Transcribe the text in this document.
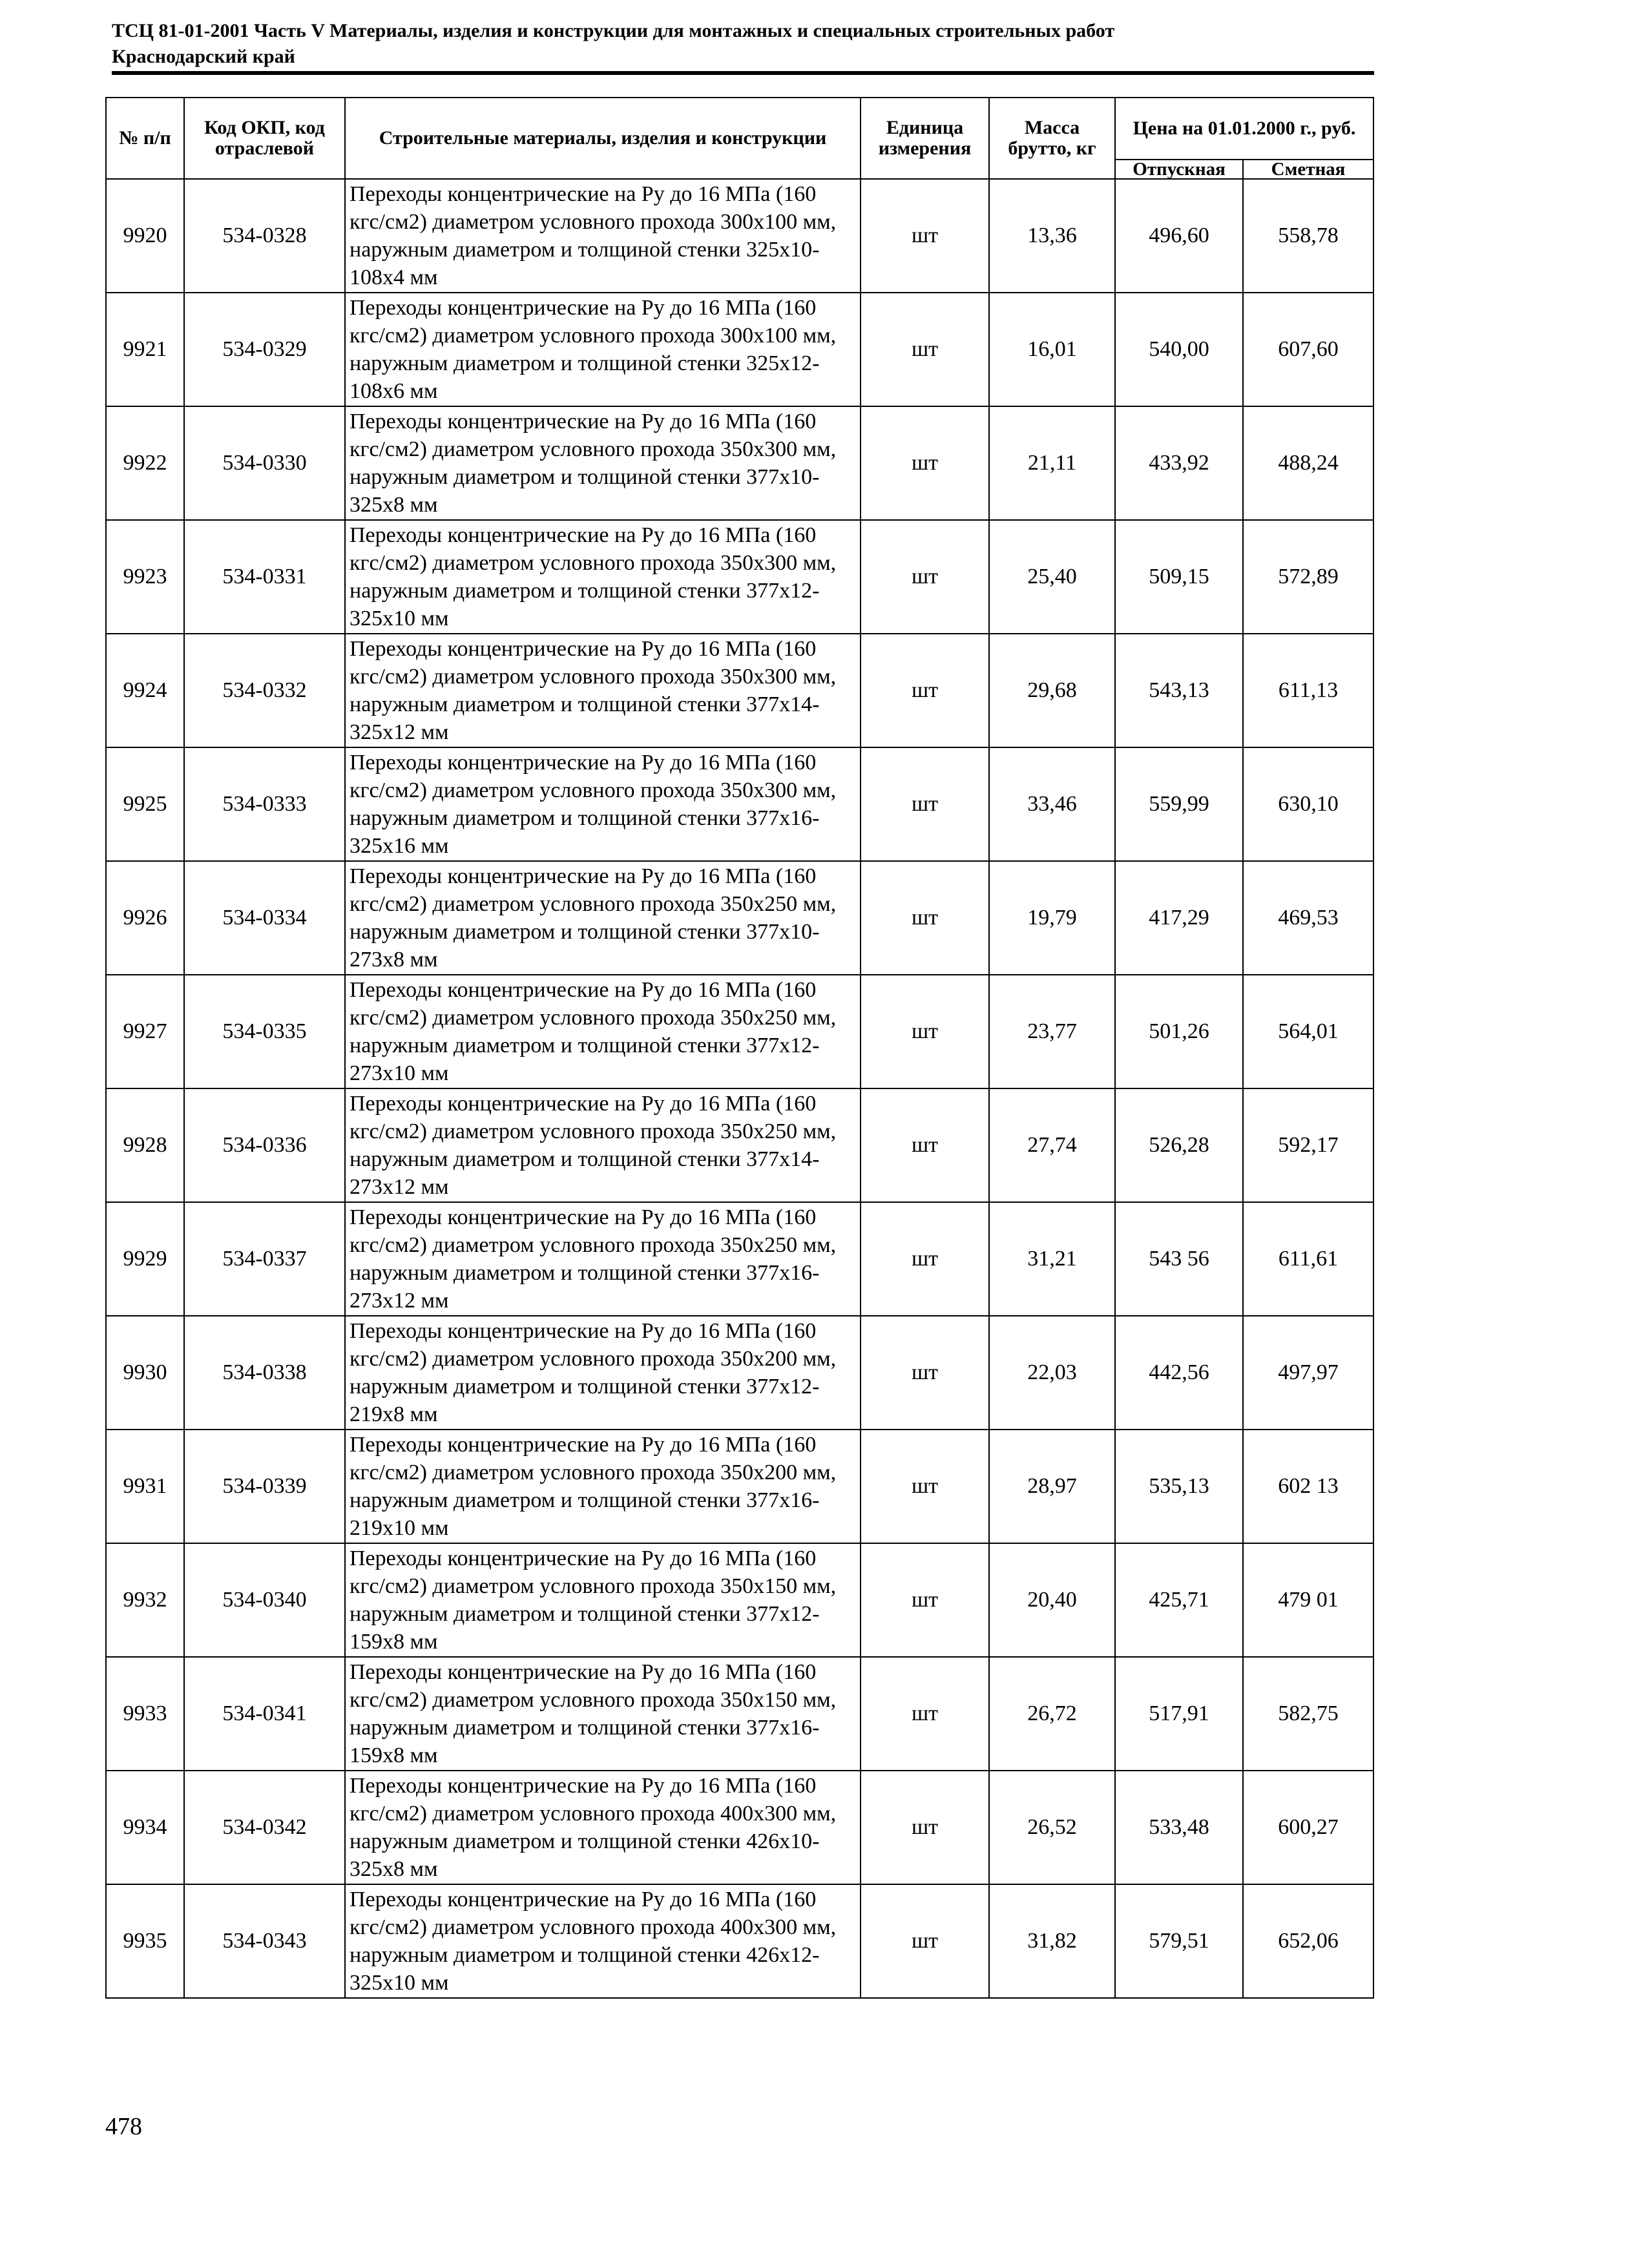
ТСЦ 81-01-2001 Часть V Материалы, изделия и конструкции для монтажных и специальных строительных работ
Краснодарский край
№ п/п	Код ОКП, код отраслевой	Строительные материалы, изделия и конструкции	Единица измерения	Масса брутто, кг	Цена на 01.01.2000 г., руб.	
					Отпускная	Сметная
9920	534-0328	Переходы концентрические на Ру до 16 МПа (160 кгс/см2) диаметром условного прохода 300х100 мм, наружным диаметром и толщиной стенки 325х10-108х4 мм	шт	13,36	496,60	558,78
9921	534-0329	Переходы концентрические на Ру до 16 МПа (160 кгс/см2) диаметром условного прохода 300х100 мм, наружным диаметром и толщиной стенки 325х12-108х6 мм	шт	16,01	540,00	607,60
9922	534-0330	Переходы концентрические на Ру до 16 МПа (160 кгс/см2) диаметром условного прохода 350х300 мм, наружным диаметром и толщиной стенки 377х10-325х8 мм	шт	21,11	433,92	488,24
9923	534-0331	Переходы концентрические на Ру до 16 МПа (160 кгс/см2) диаметром условного прохода 350х300 мм, наружным диаметром и толщиной стенки 377х12-325х10 мм	шт	25,40	509,15	572,89
9924	534-0332	Переходы концентрические на Ру до 16 МПа (160 кгс/см2) диаметром условного прохода 350х300 мм, наружным диаметром и толщиной стенки 377х14-325х12 мм	шт	29,68	543,13	611,13
9925	534-0333	Переходы концентрические на Ру до 16 МПа (160 кгс/см2) диаметром условного прохода 350х300 мм, наружным диаметром и толщиной стенки 377х16-325х16 мм	шт	33,46	559,99	630,10
9926	534-0334	Переходы концентрические на Ру до 16 МПа (160 кгс/см2) диаметром условного прохода 350х250 мм, наружным диаметром и толщиной стенки 377х10-273х8 мм	шт	19,79	417,29	469,53
9927	534-0335	Переходы концентрические на Ру до 16 МПа (160 кгс/см2) диаметром условного прохода 350х250 мм, наружным диаметром и толщиной стенки 377х12-273х10 мм	шт	23,77	501,26	564,01
9928	534-0336	Переходы концентрические на Ру до 16 МПа (160 кгс/см2) диаметром условного прохода 350х250 мм, наружным диаметром и толщиной стенки 377х14-273х12 мм	шт	27,74	526,28	592,17
9929	534-0337	Переходы концентрические на Ру до 16 МПа (160 кгс/см2) диаметром условного прохода 350х250 мм, наружным диаметром и толщиной стенки 377х16-273х12 мм	шт	31,21	543 56	611,61
9930	534-0338	Переходы концентрические на Ру до 16 МПа (160 кгс/см2) диаметром условного прохода 350х200 мм, наружным диаметром и толщиной стенки 377х12-219х8 мм	шт	22,03	442,56	497,97
9931	534-0339	Переходы концентрические на Ру до 16 МПа (160 кгс/см2) диаметром условного прохода 350х200 мм, наружным диаметром и толщиной стенки 377х16-219х10 мм	шт	28,97	535,13	602 13
9932	534-0340	Переходы концентрические на Ру до 16 МПа (160 кгс/см2) диаметром условного прохода 350х150 мм, наружным диаметром и толщиной стенки 377х12-159х8 мм	шт	20,40	425,71	479 01
9933	534-0341	Переходы концентрические на Ру до 16 МПа (160 кгс/см2) диаметром условного прохода 350х150 мм, наружным диаметром и толщиной стенки 377х16-159х8 мм	шт	26,72	517,91	582,75
9934	534-0342	Переходы концентрические на Ру до 16 МПа (160 кгс/см2) диаметром условного прохода 400х300 мм, наружным диаметром и толщиной стенки 426х10-325х8 мм	шт	26,52	533,48	600,27
9935	534-0343	Переходы концентрические на Ру до 16 МПа (160 кгс/см2) диаметром условного прохода 400х300 мм, наружным диаметром и толщиной стенки 426х12-325х10 мм	шт	31,82	579,51	652,06
478
